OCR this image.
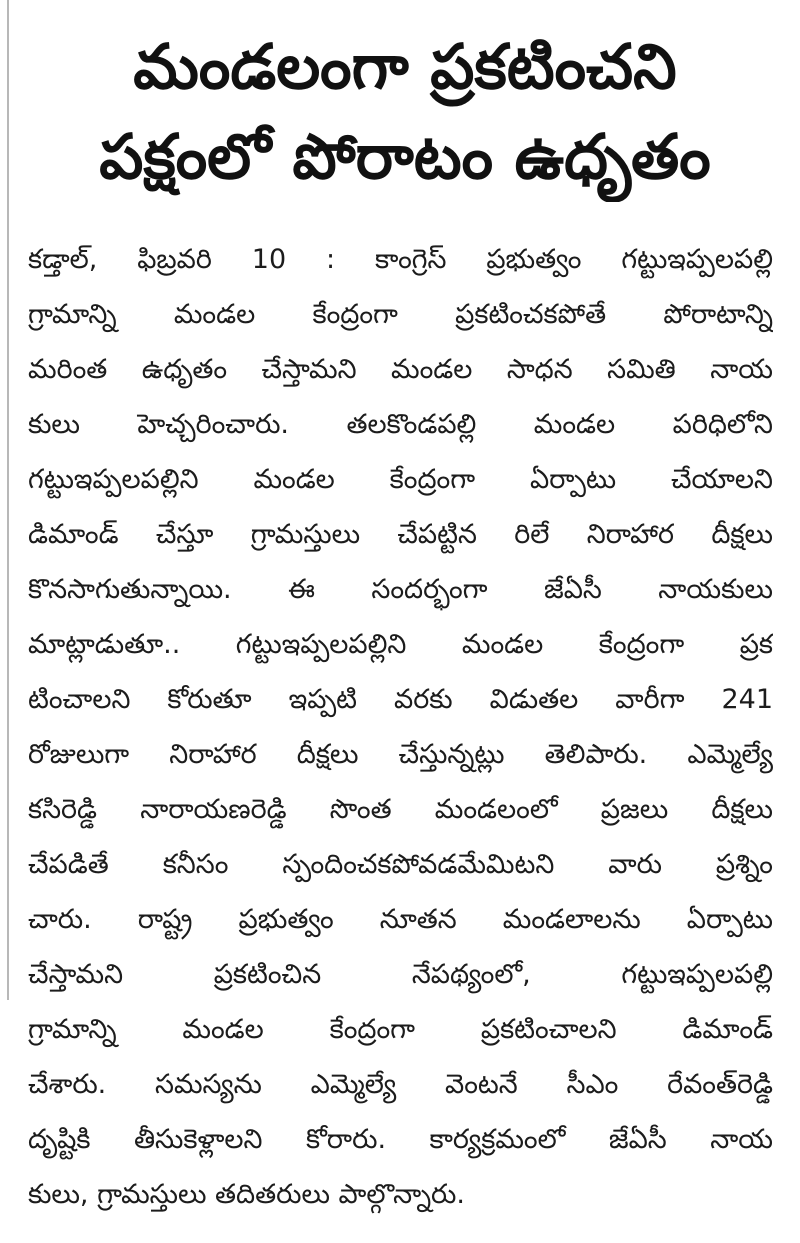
మండలంగా ప్రకటించని
పక్షంలో పోరాటం ఉధృతం
కడ్తాల్, ఫిబ్రవరి 10 : కాంగ్రెస్ ప్రభుత్వం గట్టుఇప్పలపల్లి
గ్రామాన్ని మండల కేంద్రంగా ప్రకటించకపోతే పోరాటాన్ని
మరింత ఉధృతం చేస్తామని మండల సాధన సమితి నాయ
కులు హెచ్చరించారు. తలకొండపల్లి మండల పరిధిలోని
గట్టుఇప్పలపల్లిని మండల కేంద్రంగా ఏర్పాటు చేయాలని
డిమాండ్ చేస్తూ గ్రామస్తులు చేపట్టిన రిలే నిరాహార దీక్షలు
కొనసాగుతున్నాయి. ఈ సందర్భంగా జేఏసీ నాయకులు
మాట్లాడుతూ.. గట్టుఇప్పలపల్లిని మండల కేంద్రంగా ప్రక
టించాలని కోరుతూ ఇప్పటి వరకు విడుతల వారీగా 241
రోజులుగా నిరాహార దీక్షలు చేస్తున్నట్లు తెలిపారు. ఎమ్మెల్యే
కసిరెడ్డి నారాయణరెడ్డి సొంత మండలంలో ప్రజలు దీక్షలు
చేపడితే కనీసం స్పందించకపోవడమేమిటని వారు ప్రశ్నిం
చారు. రాష్ట్ర ప్రభుత్వం నూతన మండలాలను ఏర్పాటు
చేస్తామని ప్రకటించిన నేపథ్యంలో, గట్టుఇప్పలపల్లి
గ్రామాన్ని మండల కేంద్రంగా ప్రకటించాలని డిమాండ్
చేశారు. సమస్యను ఎమ్మెల్యే వెంటనే సీఎం రేవంత్‌రెడ్డి
దృష్టికి తీసుకెళ్లాలని కోరారు. కార్యక్రమంలో జేఏసీ నాయ
కులు, గ్రామస్తులు తదితరులు పాల్గొన్నారు.
